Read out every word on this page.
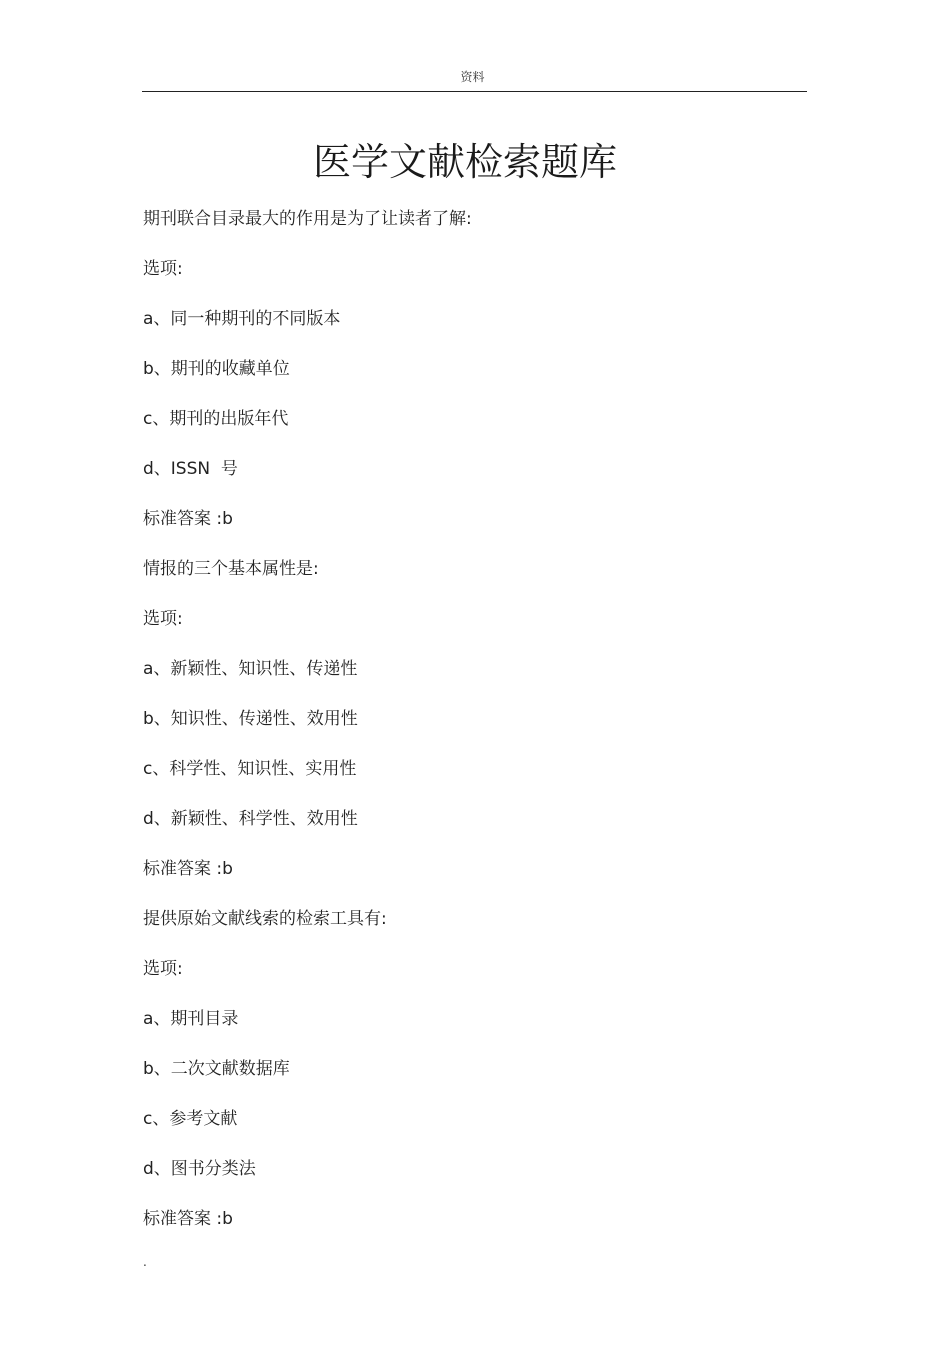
资料
医学文献检索题库
期刊联合目录最大的作用是为了让读者了解:
选项:
a、同一种期刊的不同版本
b、期刊的收藏单位
c、期刊的出版年代
d、ISSN  号
标准答案 :b
情报的三个基本属性是:
选项:
a、新颖性、知识性、传递性
b、知识性、传递性、效用性
c、科学性、知识性、实用性
d、新颖性、科学性、效用性
标准答案 :b
提供原始文献线索的检索工具有:
选项:
a、期刊目录
b、二次文献数据库
c、参考文献
d、图书分类法
标准答案 :b
.
